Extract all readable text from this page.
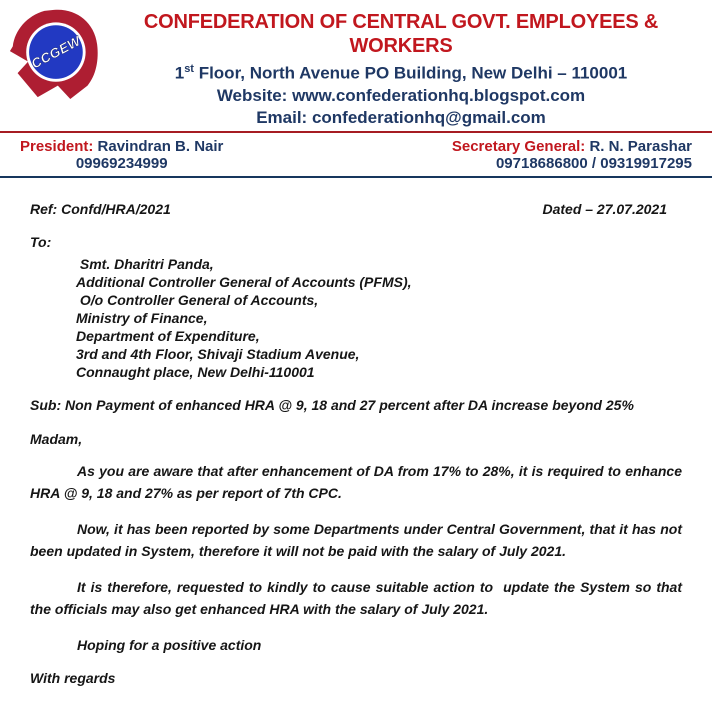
CCGEW
CONFEDERATION OF CENTRAL GOVT. EMPLOYEES & WORKERS
1st Floor, North Avenue PO Building, New Delhi – 110001
Website: www.confederationhq.blogspot.com
Email: confederationhq@gmail.com
President: Ravindran B. Nair
09969234999
Secretary General: R. N. Parashar
09718686800 / 09319917295
Ref: Confd/HRA/2021	Dated – 27.07.2021
To:
Smt. Dharitri Panda,
Additional Controller General of Accounts (PFMS),
O/o Controller General of Accounts,
Ministry of Finance,
Department of Expenditure,
3rd and 4th Floor, Shivaji Stadium Avenue,
Connaught place, New Delhi-110001
Sub: Non Payment of enhanced HRA @ 9, 18 and 27 percent after DA increase beyond 25%
Madam,

As you are aware that after enhancement of DA from 17% to 28%, it is required to enhance HRA @ 9, 18 and 27% as per report of 7th CPC.

Now, it has been reported by some Departments under Central Government, that it has not been updated in System, therefore it will not be paid with the salary of July 2021.

It is therefore, requested to kindly to cause suitable action to  update the System so that the officials may also get enhanced HRA with the salary of July 2021.

Hoping for a positive action
With regards
